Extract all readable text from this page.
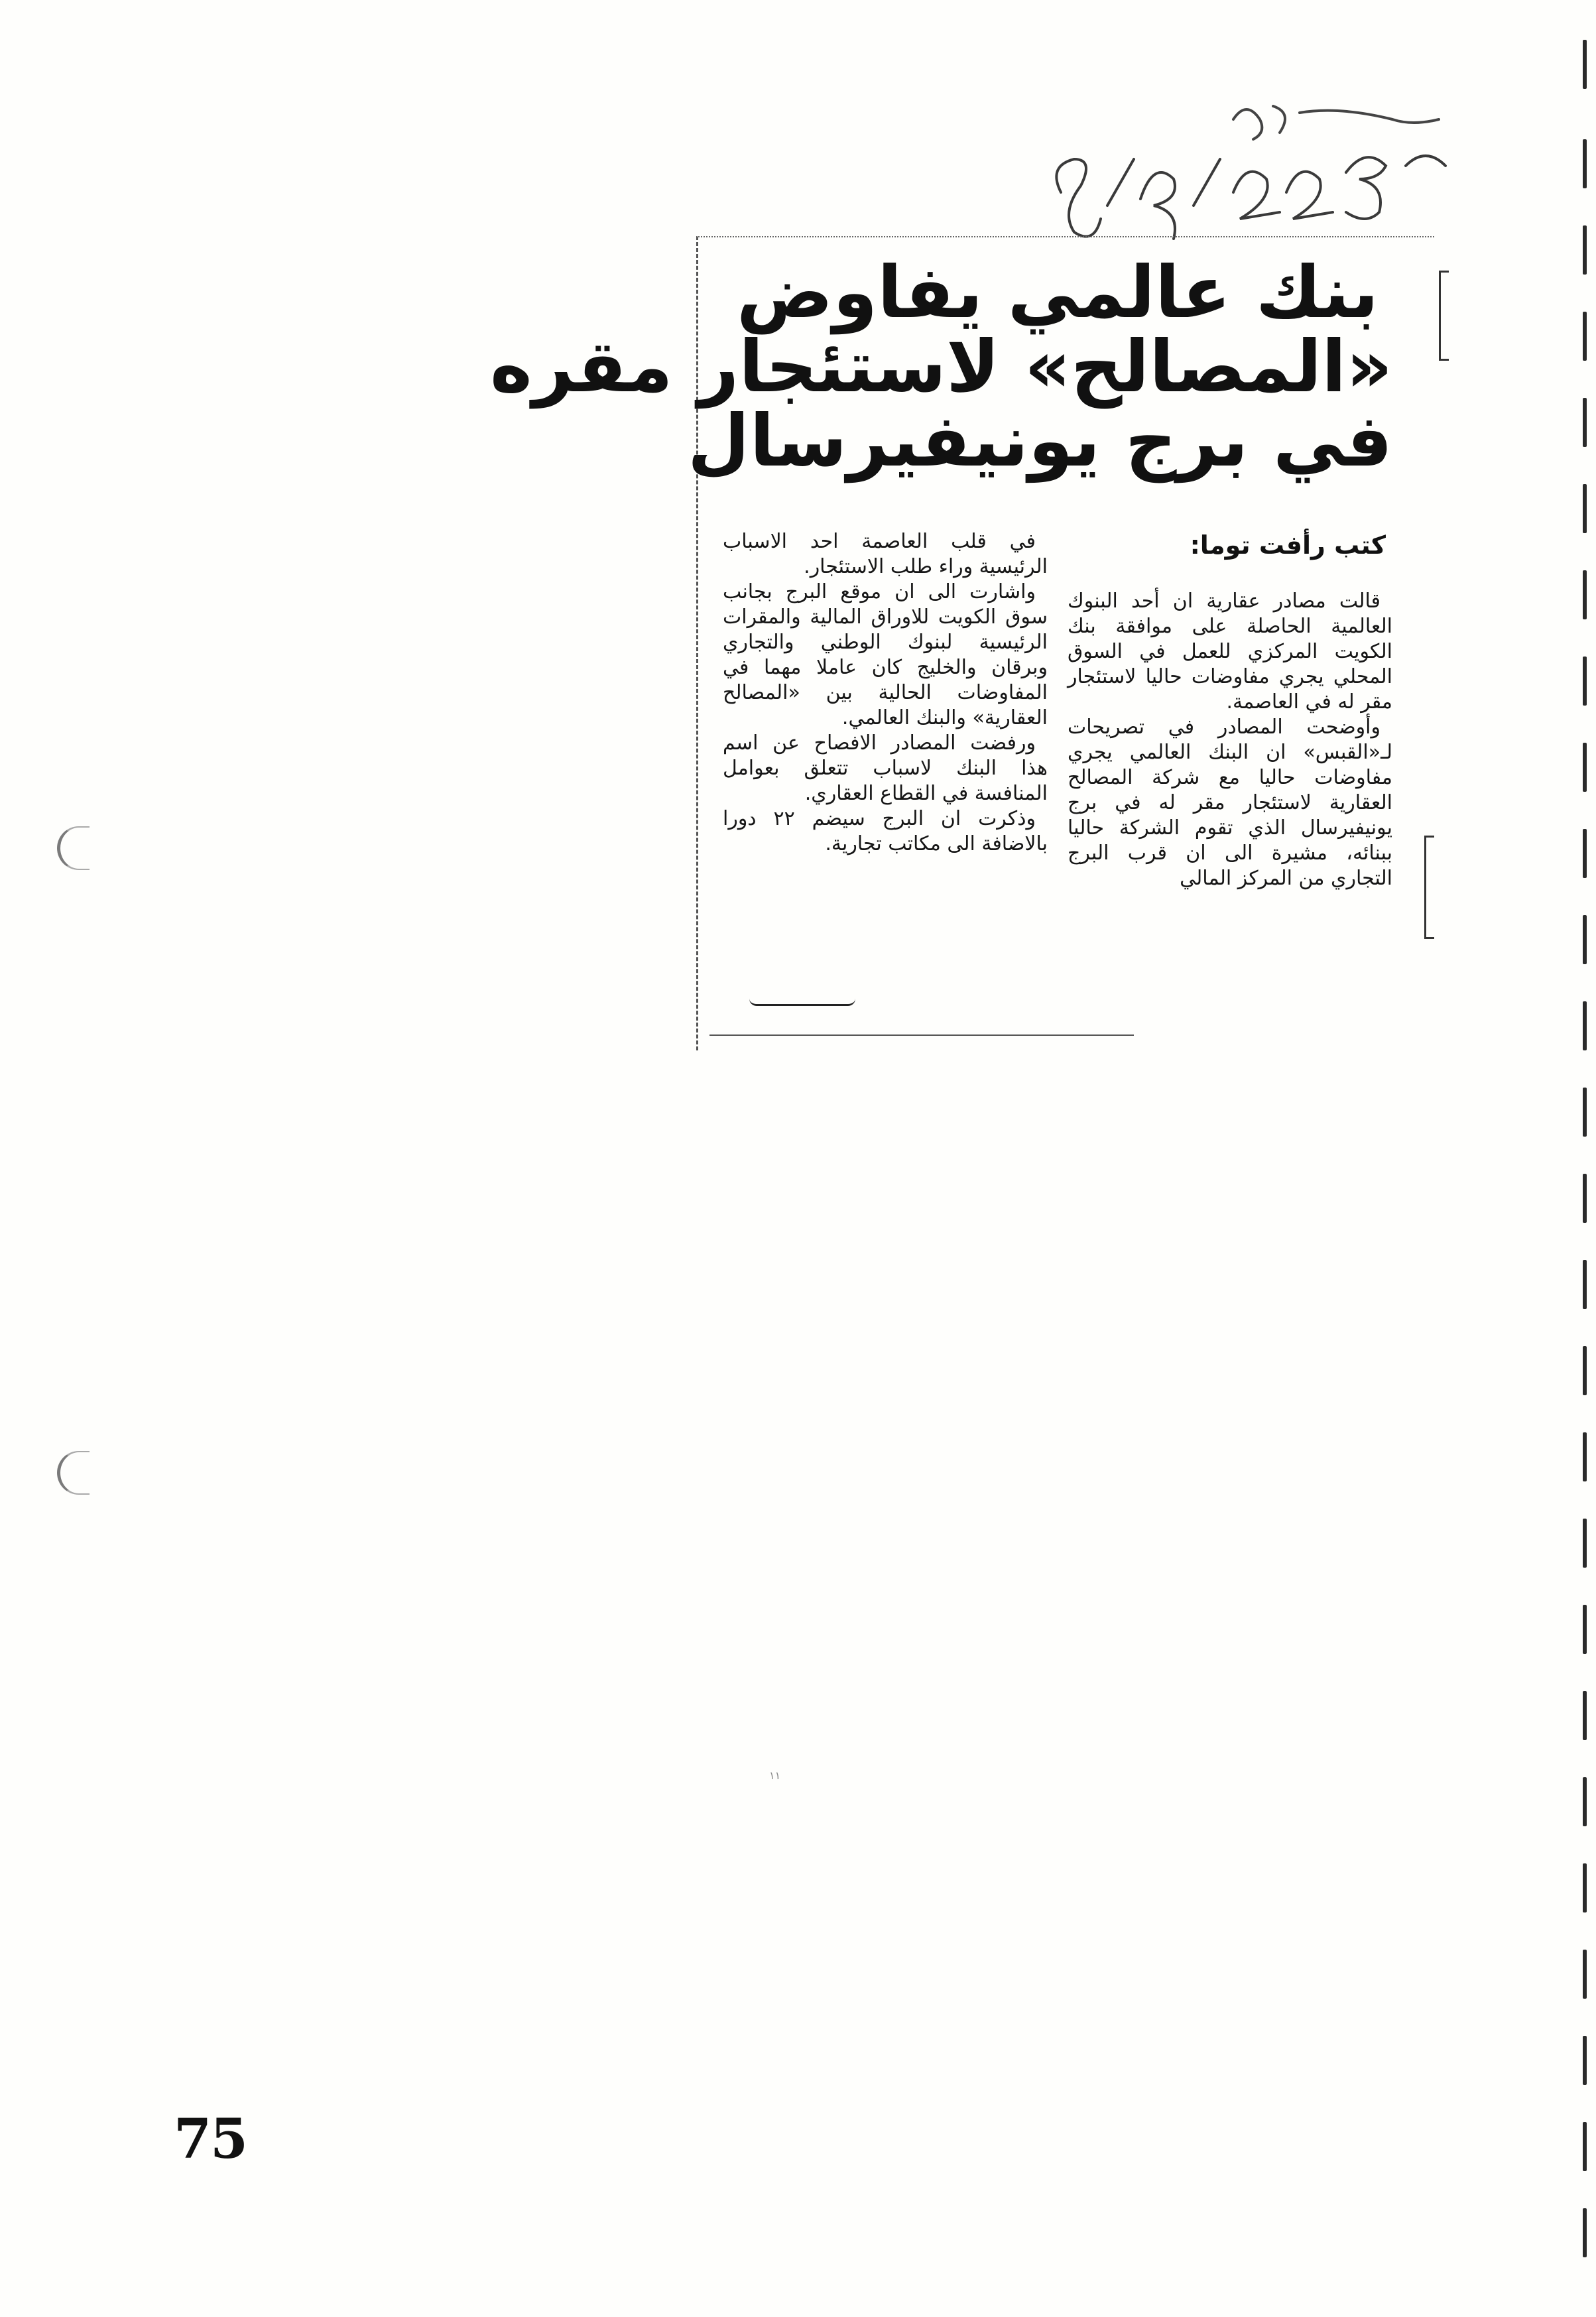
بنك عالمي يفاوض
«المصالح» لاستئجار مقره
في برج يونيفيرسال
كتب رأفت توما:

قالت مصادر عقارية ان أحد البنوك العالمية الحاصلة على موافقة بنك الكويت المركزي للعمل في السوق المحلي يجري مفاوضات حاليا لاستئجار مقر له في العاصمة.

وأوضحت المصادر في تصريحات لـ«القبس» ان البنك العالمي يجري مفاوضات حاليا مع شركة المصالح العقارية لاستئجار مقر له في برج يونيفيرسال الذي تقوم الشركة حاليا ببنائه، مشيرة الى ان قرب البرج التجاري من المركز المالي

في قلب العاصمة احد الاسباب الرئيسية وراء طلب الاستئجار.

واشارت الى ان موقع البرج بجانب سوق الكويت للاوراق المالية والمقرات الرئيسية لبنوك الوطني والتجاري وبرقان والخليج كان عاملا مهما في المفاوضات الحالية بين «المصالح العقارية» والبنك العالمي.

ورفضت المصادر الافصاح عن اسم هذا البنك لاسباب تتعلق بعوامل المنافسة في القطاع العقاري.

وذكرت ان البرج سيضم ٢٢ دورا بالاضافة الى مكاتب تجارية.

١١
75
